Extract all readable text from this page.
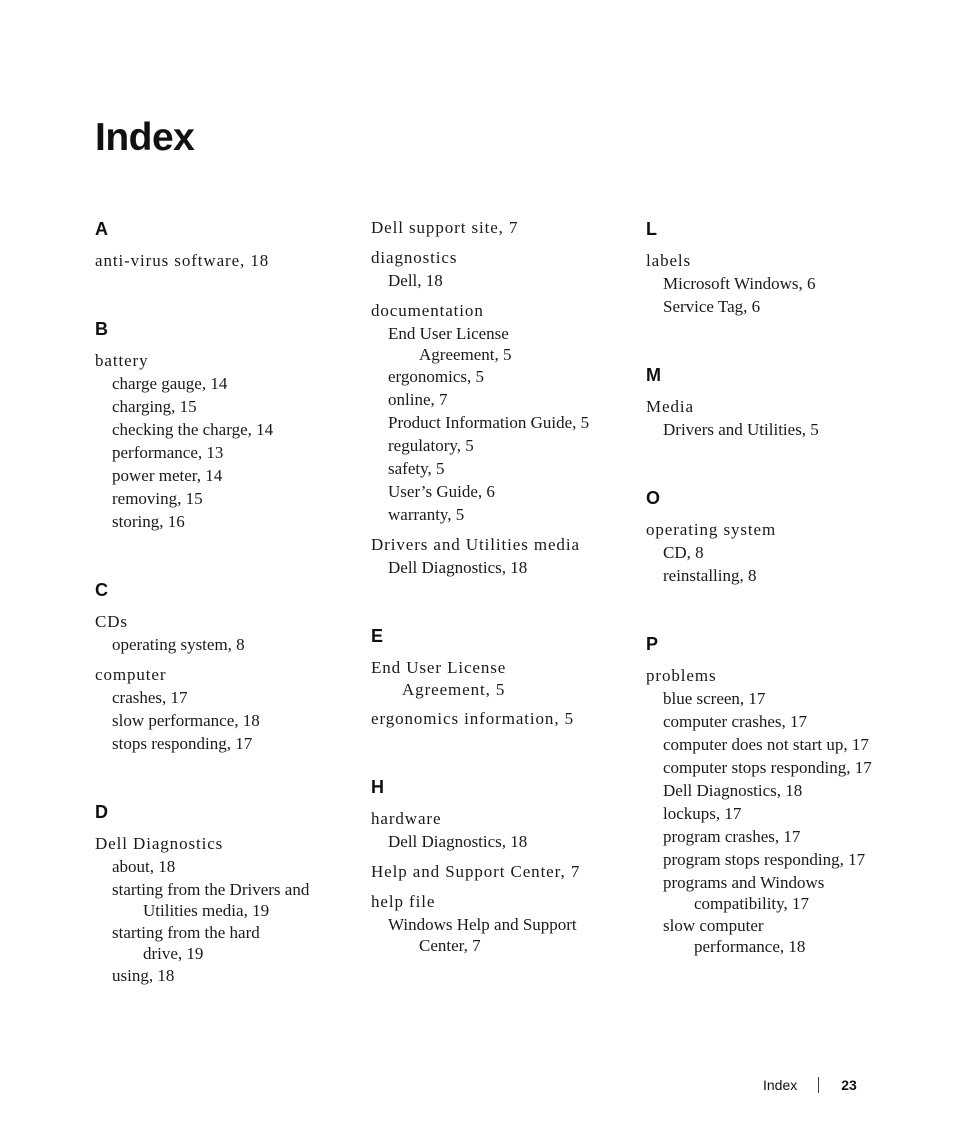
Index
A
anti-virus software, 18
B
battery
charge gauge, 14
charging, 15
checking the charge, 14
performance, 13
power meter, 14
removing, 15
storing, 16
C
CDs
operating system, 8
computer
crashes, 17
slow performance, 18
stops responding, 17
D
Dell Diagnostics
about, 18
starting from the Drivers and
Utilities media, 19
starting from the hard
drive, 19
using, 18
Dell support site, 7
diagnostics
Dell, 18
documentation
End User License
Agreement, 5
ergonomics, 5
online, 7
Product Information Guide, 5
regulatory, 5
safety, 5
User’s Guide, 6
warranty, 5
Drivers and Utilities media
Dell Diagnostics, 18
E
End User License
Agreement, 5
ergonomics information, 5
H
hardware
Dell Diagnostics, 18
Help and Support Center, 7
help file
Windows Help and Support
Center, 7
L
labels
Microsoft Windows, 6
Service Tag, 6
M
Media
Drivers and Utilities, 5
O
operating system
CD, 8
reinstalling, 8
P
problems
blue screen, 17
computer crashes, 17
computer does not start up, 17
computer stops responding, 17
Dell Diagnostics, 18
lockups, 17
program crashes, 17
program stops responding, 17
programs and Windows
compatibility, 17
slow computer
performance, 18
Index	23
